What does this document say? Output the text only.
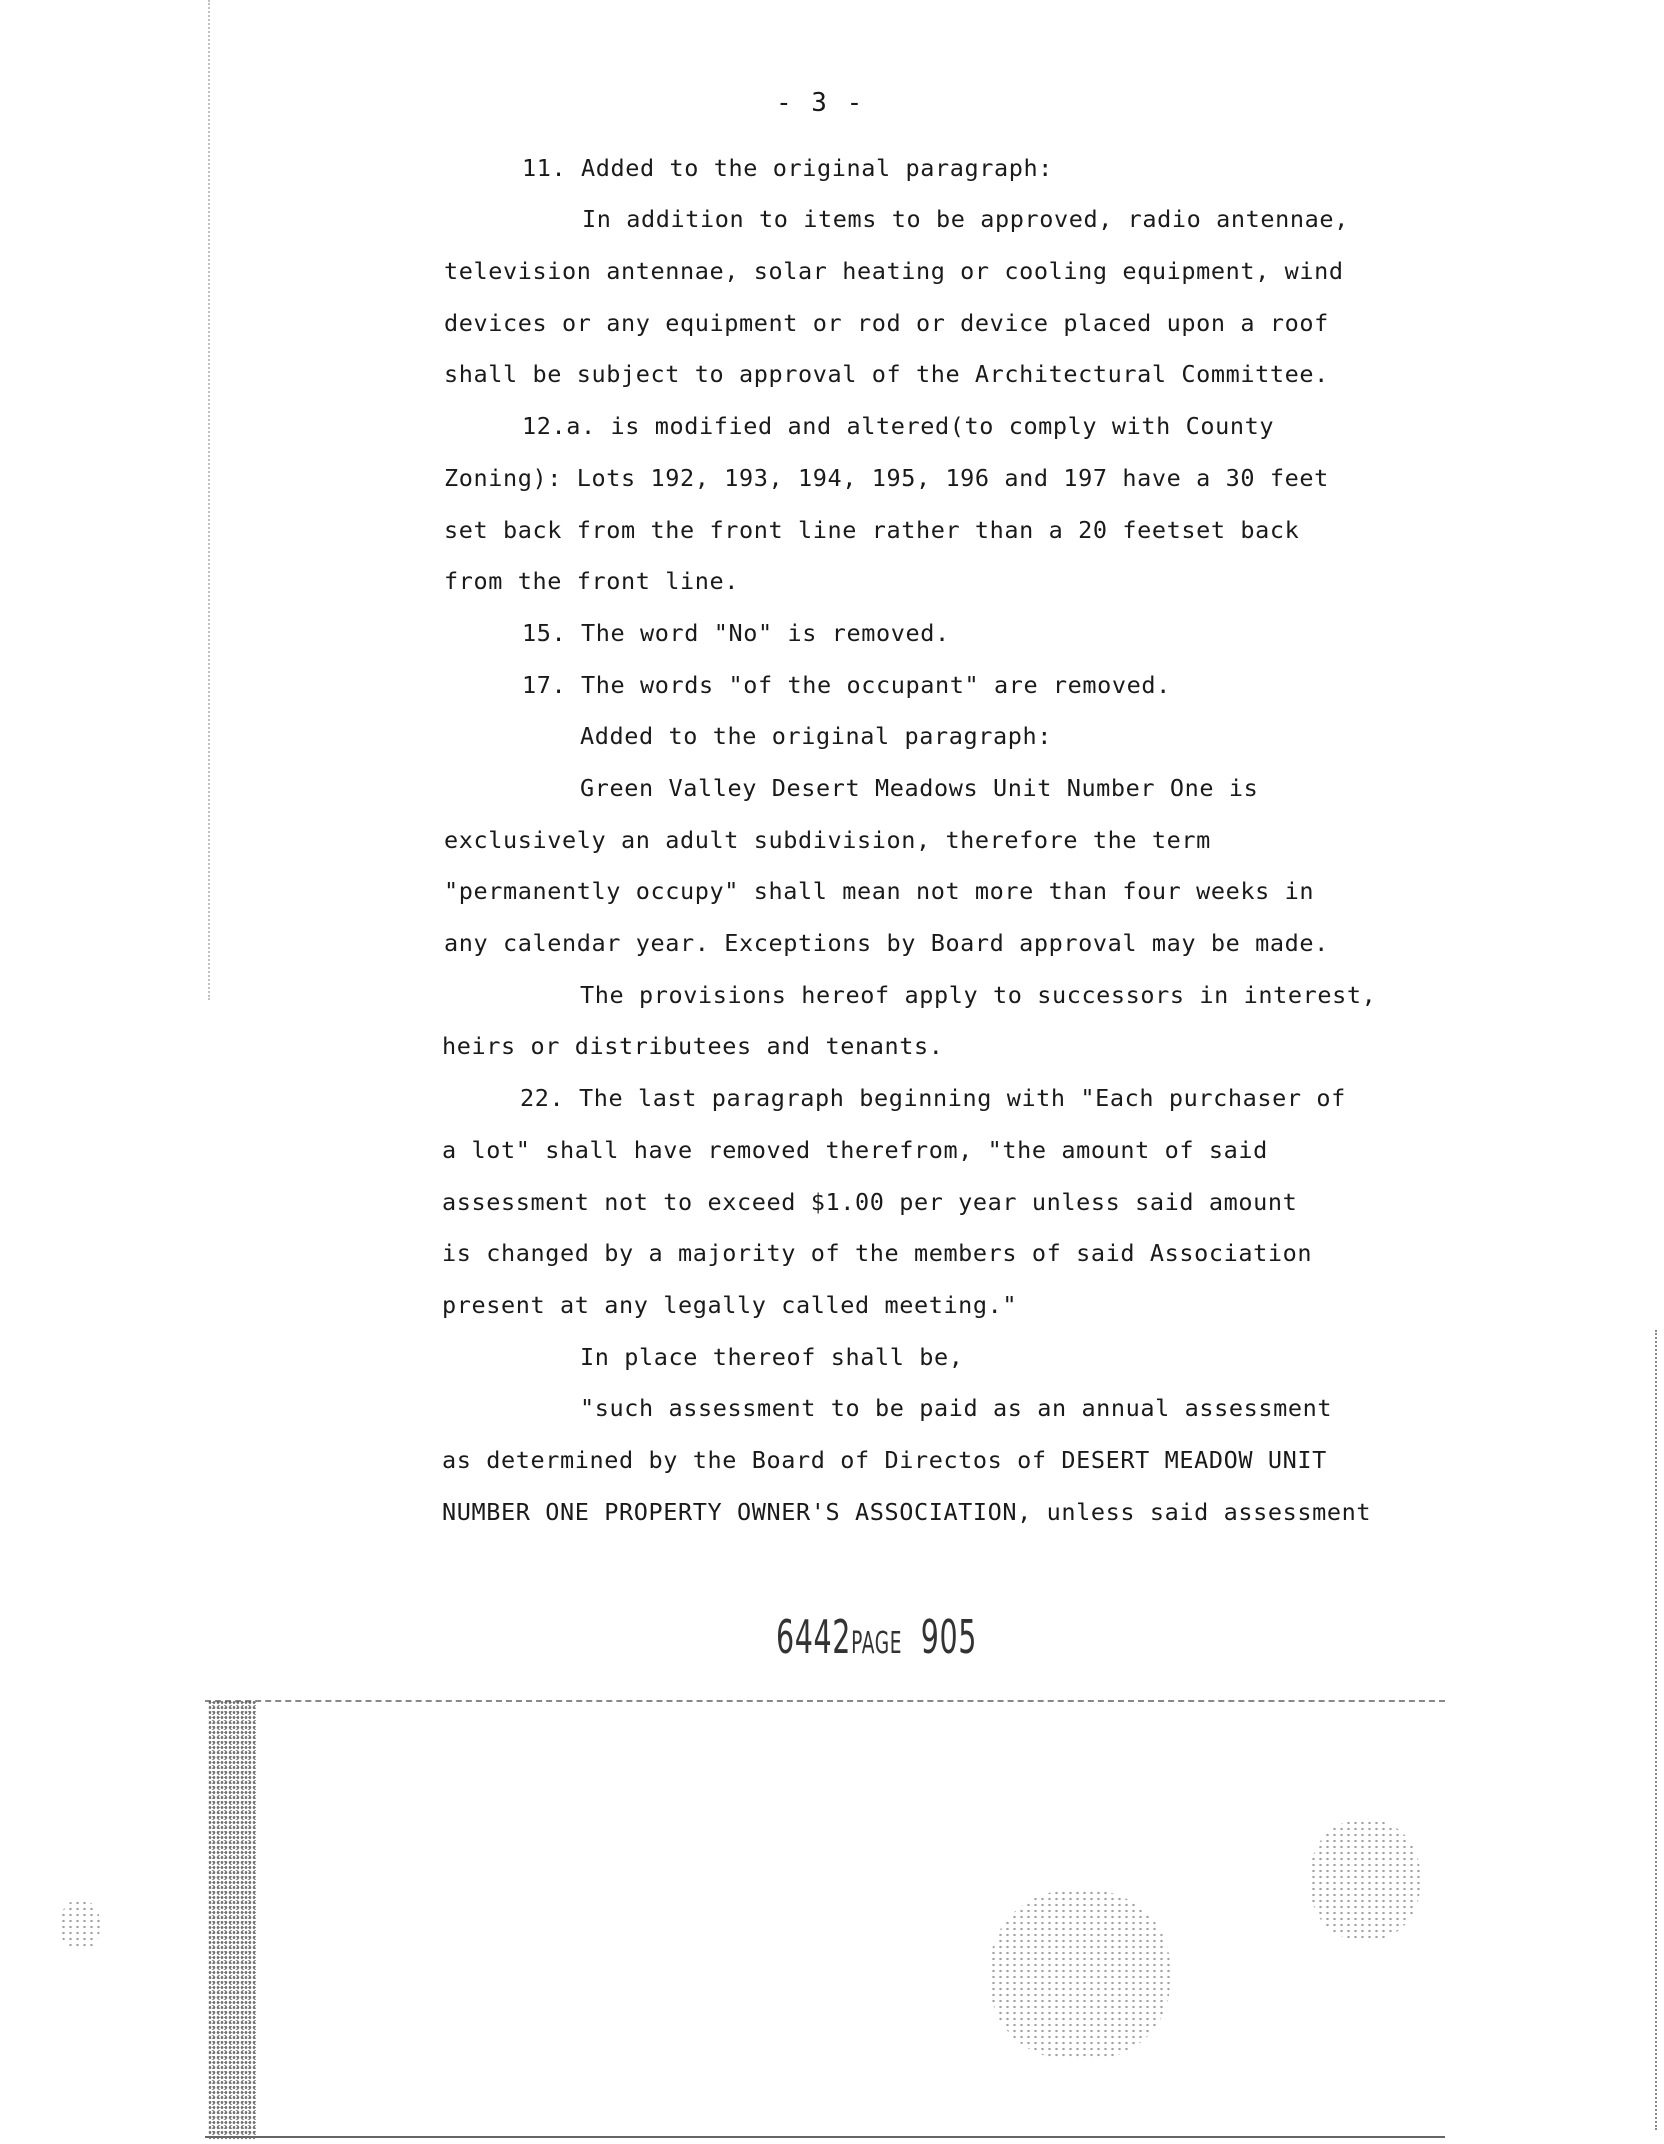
- 3 -
11. Added to the original paragraph:
In addition to items to be approved, radio antennae,
television antennae, solar heating or cooling equipment, wind
devices or any equipment or rod or device placed upon a roof
shall be subject to approval of the Architectural Committee.
12.a. is modified and altered(to comply with County
Zoning): Lots 192, 193, 194, 195, 196 and 197 have a 30 feet
set back from the front line rather than a 20 feetset back
from the front line.
15. The word "No" is removed.
17. The words "of the occupant" are removed.
Added to the original paragraph:
Green Valley Desert Meadows Unit Number One is
exclusively an adult subdivision, therefore the term
"permanently occupy" shall mean not more than four weeks in
any calendar year. Exceptions by Board approval may be made.
The provisions hereof apply to successors in interest,
heirs or distributees and tenants.
22. The last paragraph beginning with "Each purchaser of
a lot" shall have removed therefrom, "the amount of said
assessment not to exceed $1.00 per year unless said amount
is changed by a majority of the members of said Association
present at any legally called meeting."
In place thereof shall be,
"such assessment to be paid as an annual assessment
as determined by the Board of Directos of DESERT MEADOW UNIT
NUMBER ONE PROPERTY OWNER'S ASSOCIATION, unless said assessment
6442PAGE 905
